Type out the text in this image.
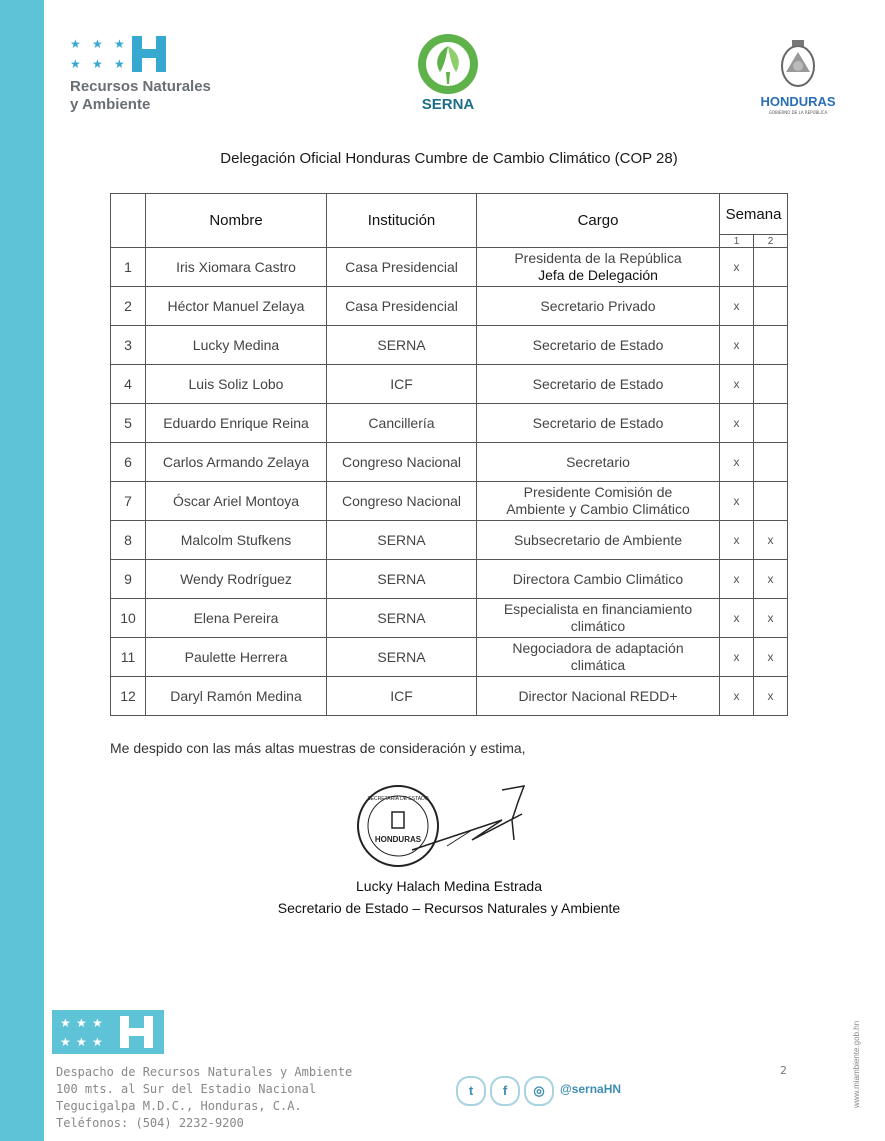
★ ★ ★
★ ★ ★
Recursos Naturales
y Ambiente	SERNA	HONDURAS
GOBIERNO DE LA REPÚBLICA
Delegación Oficial Honduras Cumbre de Cambio Climático (COP 28)
	Nombre	Institución	Cargo	Semana	
				1	2
1	Iris Xiomara Castro	Casa Presidencial	Presidenta de la República
Jefa de Delegación	x	
2	Héctor Manuel Zelaya	Casa Presidencial	Secretario Privado	x	
3	Lucky Medina	SERNA	Secretario de Estado	x	
4	Luis Soliz Lobo	ICF	Secretario de Estado	x	
5	Eduardo Enrique Reina	Cancillería	Secretario de Estado	x	
6	Carlos Armando Zelaya	Congreso Nacional	Secretario	x	
7	Óscar Ariel Montoya	Congreso Nacional	Presidente Comisión de
Ambiente y Cambio Climático	x	
8	Malcolm Stufkens	SERNA	Subsecretario de Ambiente	x	x
9	Wendy Rodríguez	SERNA	Directora Cambio Climático	x	x
10	Elena Pereira	SERNA	Especialista en financiamiento
climático	x	x
11	Paulette Herrera	SERNA	Negociadora de adaptación
climática	x	x
12	Daryl Ramón Medina	ICF	Director Nacional REDD+	x	x
Me despido con las más altas muestras de consideración y estima,
HONDURAS
SECRETARÍA DE ESTADO
Lucky Halach Medina Estrada
Secretario de Estado – Recursos Naturales y Ambiente
★ ★ ★
★ ★ ★
Despacho de Recursos Naturales y Ambiente
100 mts. al Sur del Estadio Nacional
Tegucigalpa M.D.C., Honduras, C.A.
Teléfonos: (504) 2232-9200
t	f	◎	@sernaHN
2	www.miambiente.gob.hn
